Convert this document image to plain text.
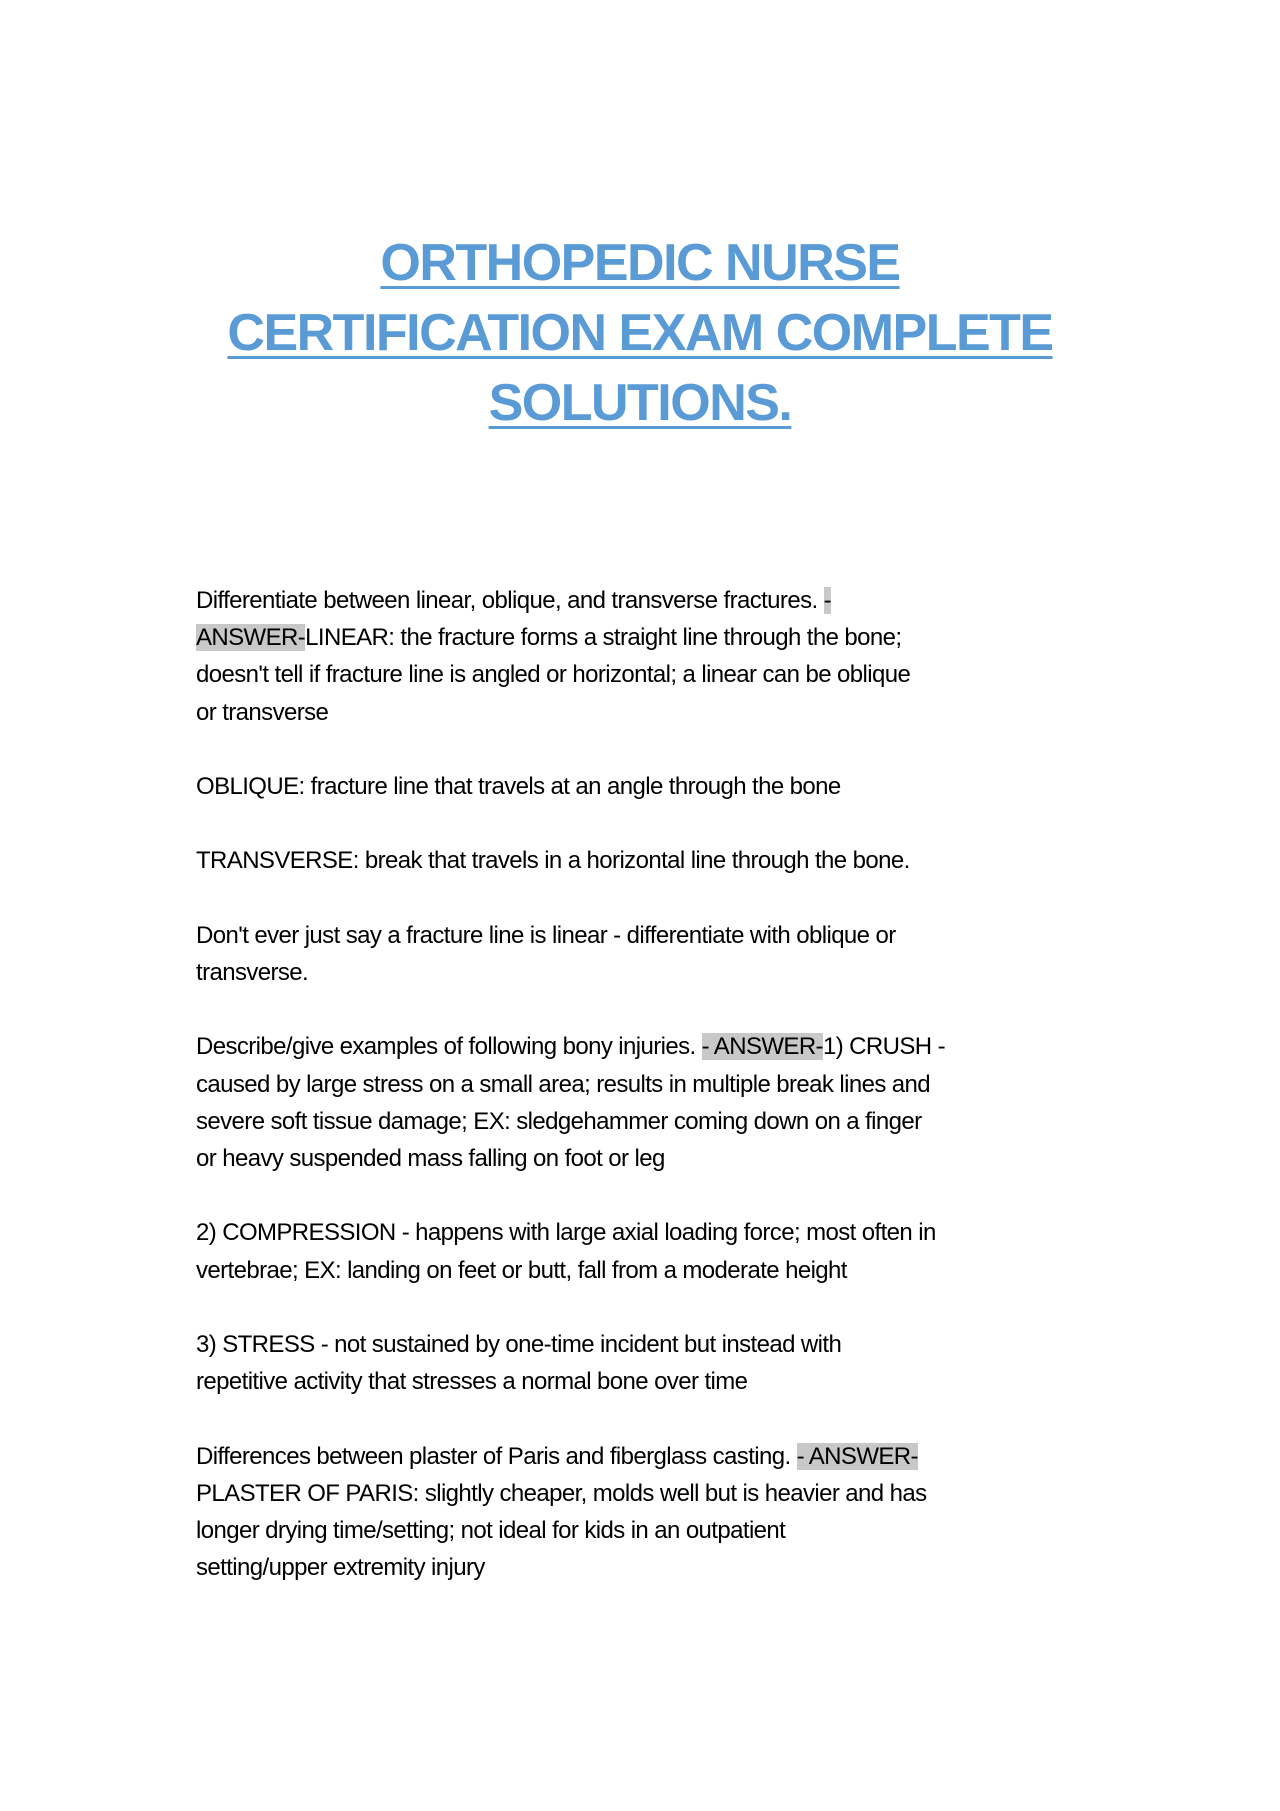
ORTHOPEDIC NURSE
CERTIFICATION EXAM COMPLETE
SOLUTIONS.
Differentiate between linear, oblique, and transverse fractures. -
ANSWER-LINEAR: the fracture forms a straight line through the bone;
doesn't tell if fracture line is angled or horizontal; a linear can be oblique
or transverse
OBLIQUE: fracture line that travels at an angle through the bone
TRANSVERSE: break that travels in a horizontal line through the bone.
Don't ever just say a fracture line is linear - differentiate with oblique or
transverse.
Describe/give examples of following bony injuries. - ANSWER-1) CRUSH -
caused by large stress on a small area; results in multiple break lines and
severe soft tissue damage; EX: sledgehammer coming down on a finger
or heavy suspended mass falling on foot or leg
2) COMPRESSION - happens with large axial loading force; most often in
vertebrae; EX: landing on feet or butt, fall from a moderate height
3) STRESS - not sustained by one-time incident but instead with
repetitive activity that stresses a normal bone over time
Differences between plaster of Paris and fiberglass casting. - ANSWER-
PLASTER OF PARIS: slightly cheaper, molds well but is heavier and has
longer drying time/setting; not ideal for kids in an outpatient
setting/upper extremity injury
